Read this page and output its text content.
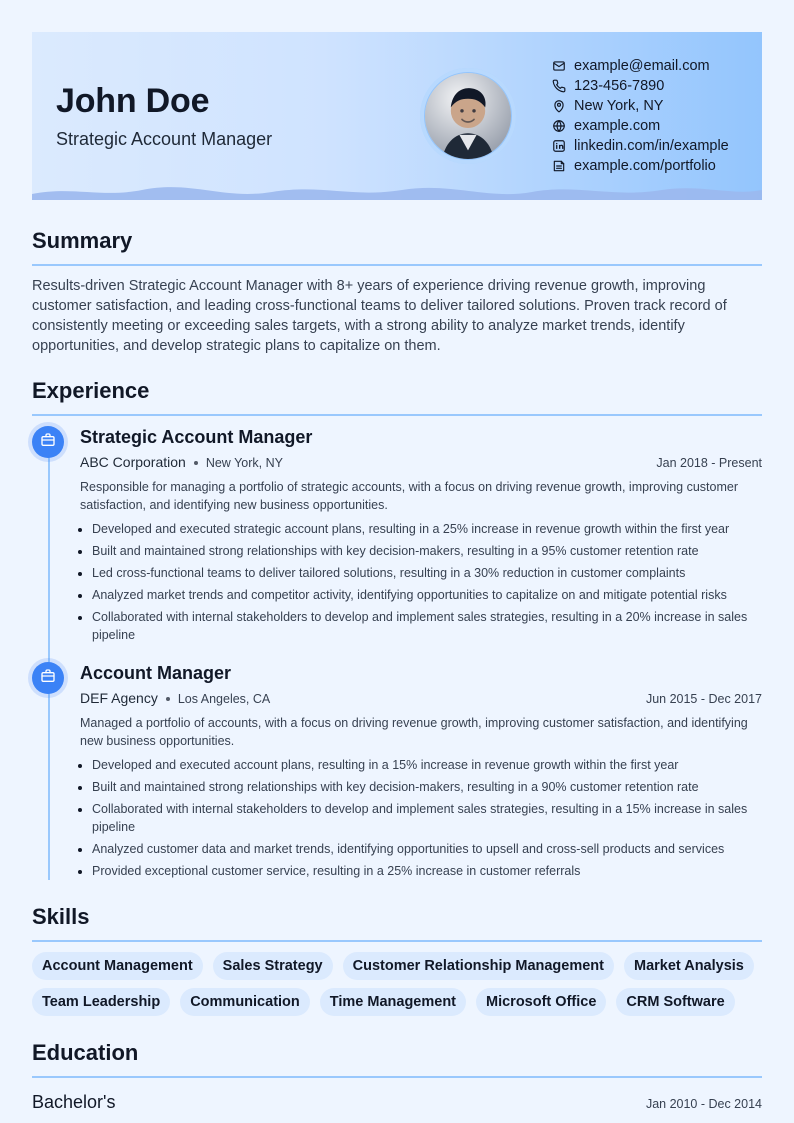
John Doe
Strategic Account Manager
example@email.com
123-456-7890
New York, NY
example.com
linkedin.com/in/example
example.com/portfolio
Summary
Results-driven Strategic Account Manager with 8+ years of experience driving revenue growth, improving customer satisfaction, and leading cross-functional teams to deliver tailored solutions. Proven track record of consistently meeting or exceeding sales targets, with a strong ability to analyze market trends, identify opportunities, and develop strategic plans to capitalize on them.
Experience
Strategic Account Manager
ABC Corporation New York, NY	Jan 2018 - Present
Responsible for managing a portfolio of strategic accounts, with a focus on driving revenue growth, improving customer satisfaction, and identifying new business opportunities.
• Developed and executed strategic account plans, resulting in a 25% increase in revenue growth within the first year
• Built and maintained strong relationships with key decision-makers, resulting in a 95% customer retention rate
• Led cross-functional teams to deliver tailored solutions, resulting in a 30% reduction in customer complaints
• Analyzed market trends and competitor activity, identifying opportunities to capitalize on and mitigate potential risks
• Collaborated with internal stakeholders to develop and implement sales strategies, resulting in a 20% increase in sales pipeline
Account Manager
DEF Agency Los Angeles, CA	Jun 2015 - Dec 2017
Managed a portfolio of accounts, with a focus on driving revenue growth, improving customer satisfaction, and identifying new business opportunities.
• Developed and executed account plans, resulting in a 15% increase in revenue growth within the first year
• Built and maintained strong relationships with key decision-makers, resulting in a 90% customer retention rate
• Collaborated with internal stakeholders to develop and implement sales strategies, resulting in a 15% increase in sales pipeline
• Analyzed customer data and market trends, identifying opportunities to upsell and cross-sell products and services
• Provided exceptional customer service, resulting in a 25% increase in customer referrals
Skills
Account Management	Sales Strategy	Customer Relationship Management	Market Analysis
Team Leadership	Communication	Time Management	Microsoft Office	CRM Software
Education
Bachelor's	Jan 2010 - Dec 2014
